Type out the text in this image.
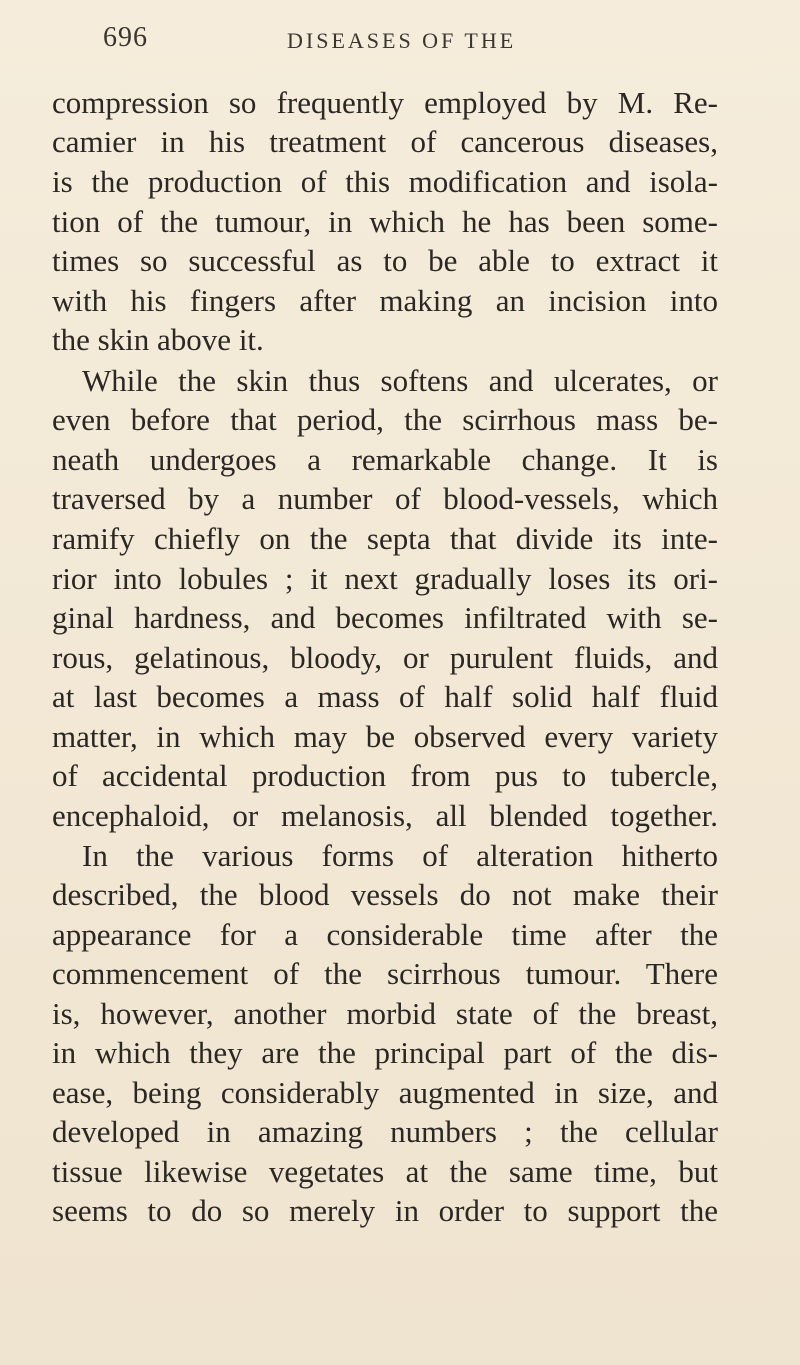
696	DISEASES OF THE
compression so frequently employed by M. Re-
camier in his treatment of cancerous diseases,
is the production of this modification and isola-
tion of the tumour, in which he has been some-
times so successful as to be able to extract it
with his fingers after making an incision into
the skin above it.
While the skin thus softens and ulcerates, or
even before that period, the scirrhous mass be-
neath undergoes a remarkable change. It is
traversed by a number of blood-vessels, which
ramify chiefly on the septa that divide its inte-
rior into lobules ; it next gradually loses its ori-
ginal hardness, and becomes infiltrated with se-
rous, gelatinous, bloody, or purulent fluids, and
at last becomes a mass of half solid half fluid
matter, in which may be observed every variety
of accidental production from pus to tubercle,
encephaloid, or melanosis, all blended together.
In the various forms of alteration hitherto
described, the blood vessels do not make their
appearance for a considerable time after the
commencement of the scirrhous tumour. There
is, however, another morbid state of the breast,
in which they are the principal part of the dis-
ease, being considerably augmented in size, and
developed in amazing numbers ; the cellular
tissue likewise vegetates at the same time, but
seems to do so merely in order to support the
